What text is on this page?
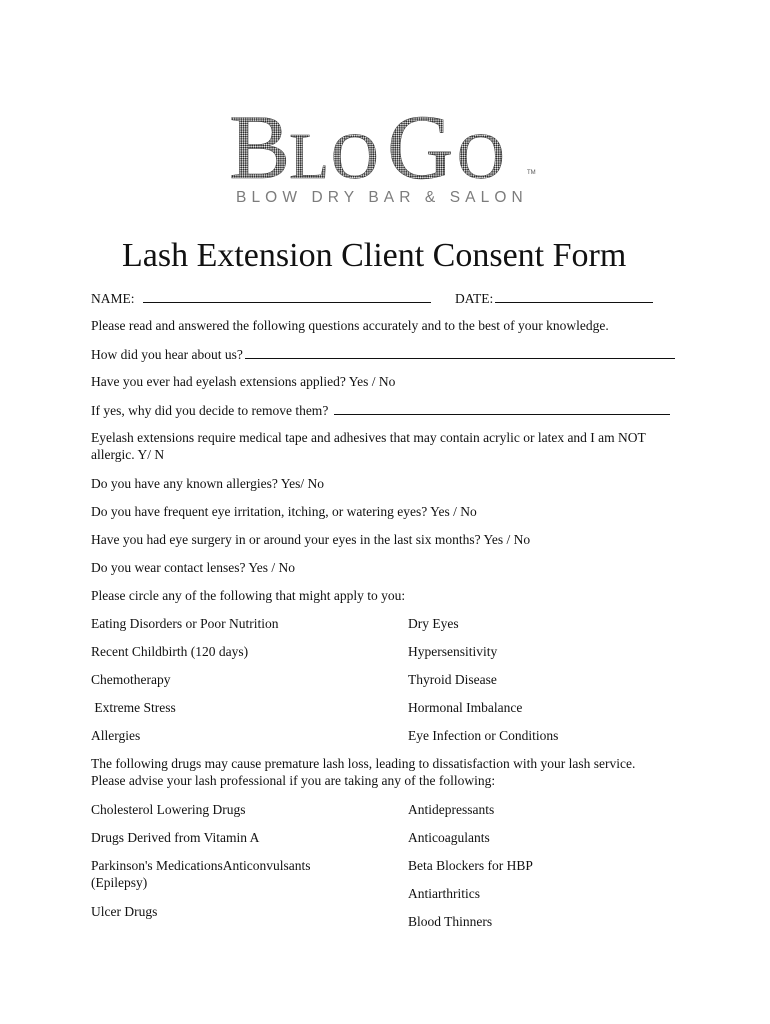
B
L O G O	TM
BLOW DRY BAR & SALON
Lash Extension Client Consent Form
NAME:	DATE:
Please read and answered the following questions accurately and to the best of your knowledge.
How did you hear about us?
Have you ever had eyelash extensions applied? Yes / No
If yes, why did you decide to remove them?
Eyelash extensions require medical tape and adhesives that may contain acrylic or latex and I am NOT
allergic. Y/ N
Do you have any known allergies? Yes/ No
Do you have frequent eye irritation, itching, or watering eyes? Yes / No
Have you had eye surgery in or around your eyes in the last six months? Yes / No
Do you wear contact lenses? Yes / No
Please circle any of the following that might apply to you:
Eating Disorders or Poor Nutrition
Recent Childbirth (120 days)
Chemotherapy
Extreme Stress
Allergies
Dry Eyes
Hypersensitivity
Thyroid Disease
Hormonal Imbalance
Eye Infection or Conditions
The following drugs may cause premature lash loss, leading to dissatisfaction with your lash service.
Please advise your lash professional if you are taking any of the following:
Cholesterol Lowering Drugs
Drugs Derived from Vitamin A
Parkinson's MedicationsAnticonvulsants
(Epilepsy)
Ulcer Drugs
Antidepressants
Anticoagulants
Beta Blockers for HBP
Antiarthritics
Blood Thinners
